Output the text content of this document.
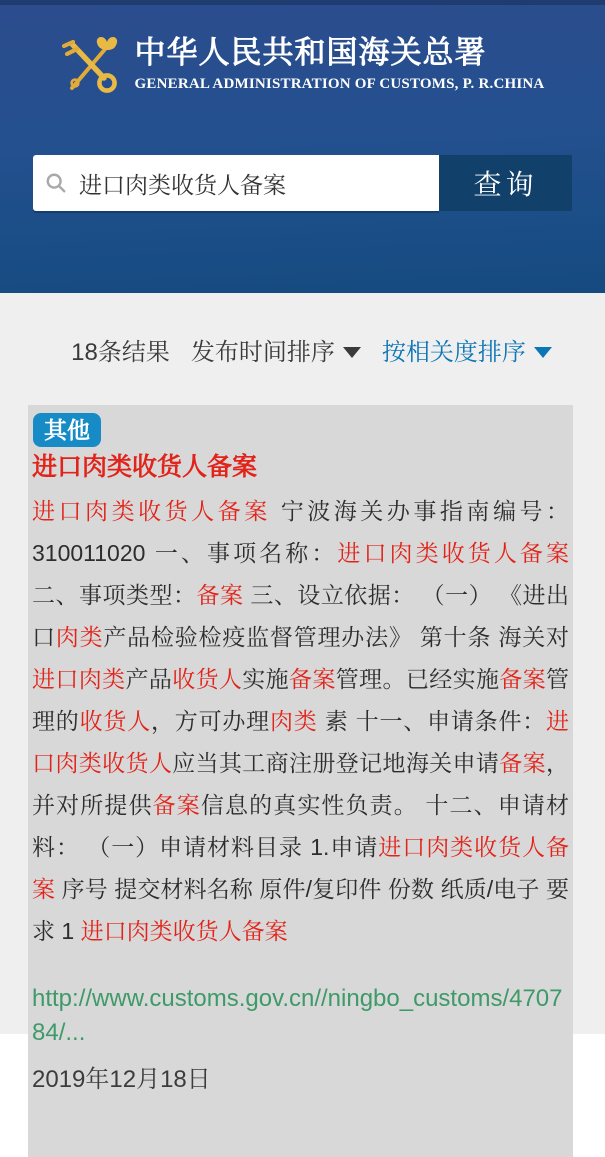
中华人民共和国海关总署
GENERAL ADMINISTRATION OF CUSTOMS, P. R.CHINA
进口肉类收货人备案
查询
18条结果 发布时间排序 按相关度排序
其他
进口肉类收货人备案

进口肉类收货人备案 宁波海关办事指南编号：310011020 一、事项名称：进口肉类收货人备案 二、事项类型：备案 三、设立依据： （一） 《进出口肉类产品检验检疫监督管理办法》 第十条 海关对进口肉类产品收货人实施备案管理。已经实施备案管理的收货人，方可办理肉类 素 十一、申请条件：进口肉类收货人应当其工商注册登记地海关申请备案，并对所提供备案信息的真实性负责。 十二、申请材料： （一）申请材料目录 1.申请进口肉类收货人备案 序号 提交材料名称 原件/复印件 份数 纸质/电子 要求 1 进口肉类收货人备案

http://www.customs.gov.cn//ningbo_customs/470784/...
2019年12月18日
